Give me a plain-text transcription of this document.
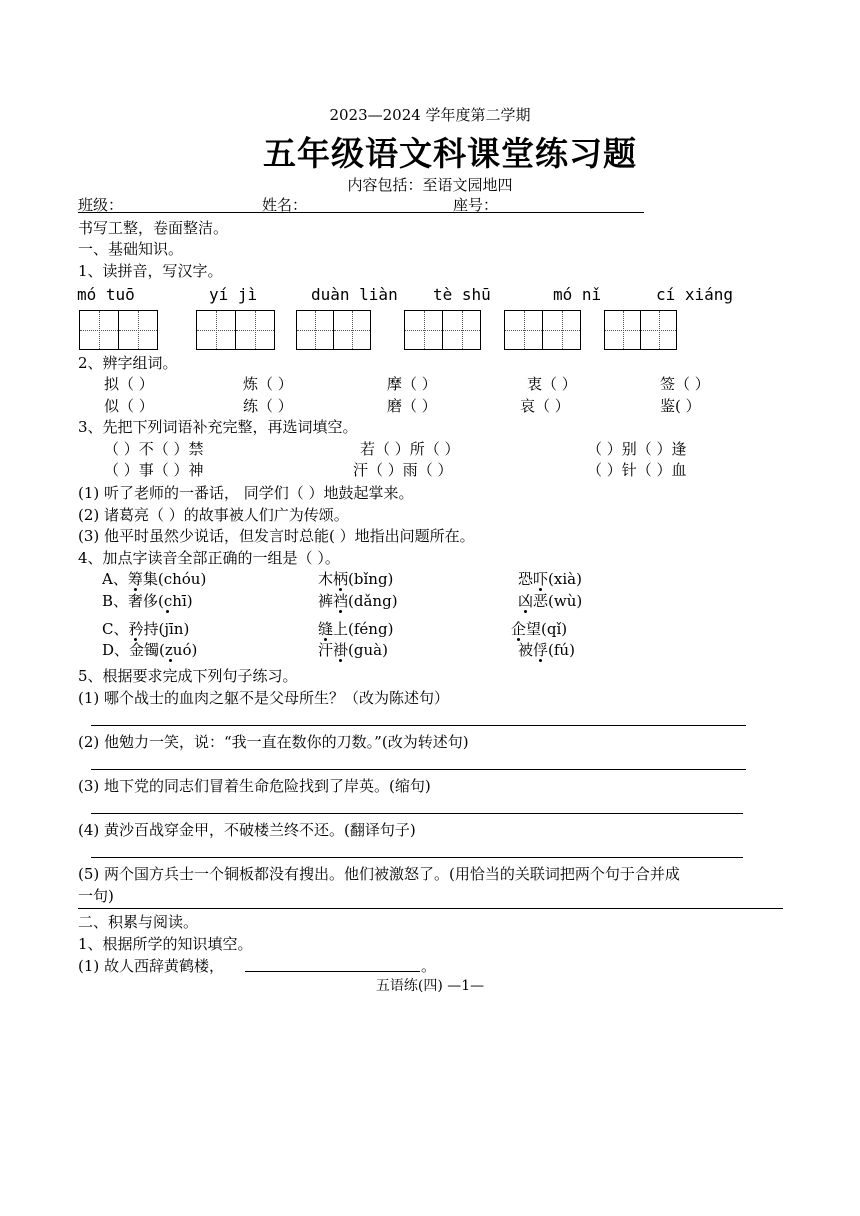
2023—2024 学年度第二学期
五年级语文科课堂练习题
内容包括：至语文园地四
班级：	姓名：	座号：
书写工整，卷面整洁。
一、基础知识。
1、读拼音，写汉字。
mó tuō	yí jì	duàn liàn tè shū	mó nǐ	cí xiáng
2、辨字组词。
拟（ ）	炼（ ）	摩（ ）	衷（ ）	签（ ）
似（ ）	练（ ）	磨（ ）	哀（ ）	鉴( ）
3、先把下列词语补充完整，再选词填空。
（ ）不（ ）禁	若（ ）所（ ）	（ ）别（ ）逢
（ ）事（ ）神	汗（ ）雨（ ）	（ ）针（ ）血
(1) 听了老师的一番话， 同学们（ ）地鼓起掌来。
(2) 诸葛亮（ ）的故事被人们广为传颂。
(3) 他平时虽然少说话，但发言时总能( ）地指出问题所在。
4、加点字读音全部正确的一组是（ ）。
A、筹集(chóu)	木柄(bǐng)	恐吓(xià)
B、奢侈(chī)	裤裆(dǎng)	凶恶(wù)
C、矜持(jīn)	缝上(féng)	企望(qǐ)
D、金镯(zuó)	汗褂(guà)	被俘(fú)
5、根据要求完成下列句子练习。
(1) 哪个战士的血肉之躯不是父母所生？（改为陈述句）
(2) 他勉力一笑，说：“我一直在数你的刀数。”(改为转述句)
(3) 地下党的同志们冒着生命危险找到了岸英。(缩句)
(4) 黄沙百战穿金甲，不破楼兰终不还。(翻译句子)
(5) 两个国方兵士一个铜板都没有搜出。他们被激怒了。(用恰当的关联词把两个句于合并成
一句)
二、积累与阅读。
1、根据所学的知识填空。
(1) 故人西辞黄鹤楼，	。
五语练(四) —1—
